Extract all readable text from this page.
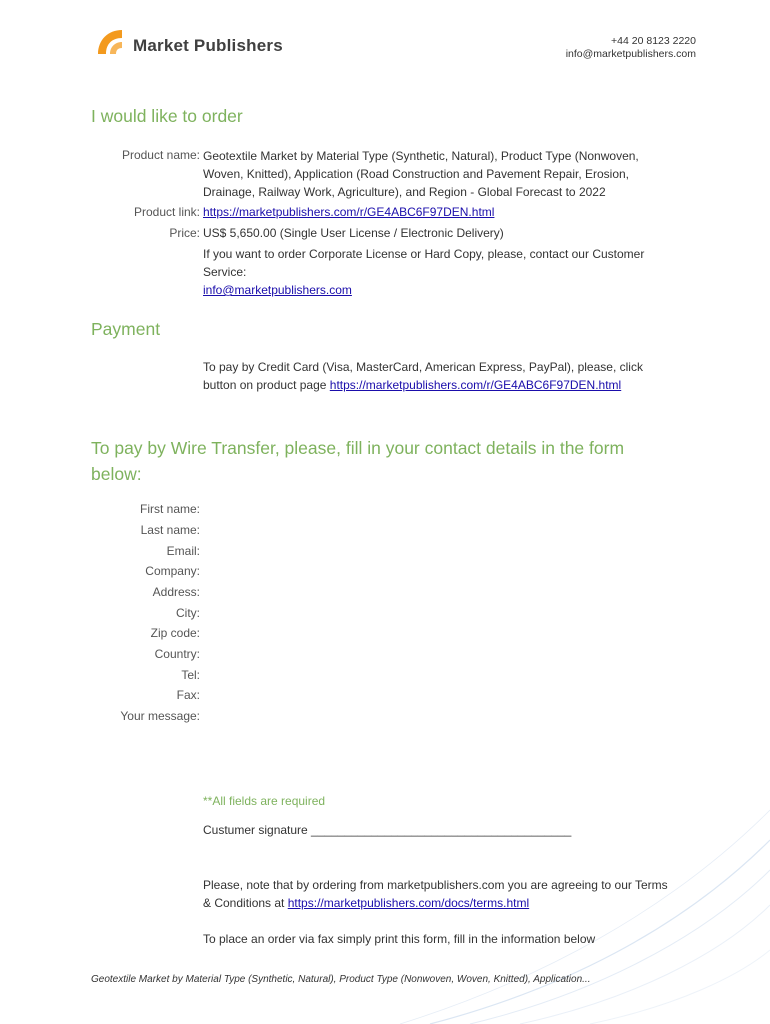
Market Publishers	+44 20 8123 2220
info@marketpublishers.com
I would like to order
Product name: Geotextile Market by Material Type (Synthetic, Natural), Product Type (Nonwoven,
Woven, Knitted), Application (Road Construction and Pavement Repair, Erosion,
Drainage, Railway Work, Agriculture), and Region - Global Forecast to 2022
Product link: https://marketpublishers.com/r/GE4ABC6F97DEN.html
Price: US$ 5,650.00 (Single User License / Electronic Delivery)
If you want to order Corporate License or Hard Copy, please, contact our Customer
Service:
info@marketpublishers.com
Payment
To pay by Credit Card (Visa, MasterCard, American Express, PayPal), please, click
button on product page https://marketpublishers.com/r/GE4ABC6F97DEN.html
To pay by Wire Transfer, please, fill in your contact details in the form
below:
First name:
Last name:
Email:
Company:
Address:
City:
Zip code:
Country:
Tel:
Fax:
Your message:
**All fields are required
Custumer signature _______________________________________
Please, note that by ordering from marketpublishers.com you are agreeing to our Terms
& Conditions at https://marketpublishers.com/docs/terms.html
To place an order via fax simply print this form, fill in the information below
Geotextile Market by Material Type (Synthetic, Natural), Product Type (Nonwoven, Woven, Knitted), Application...
